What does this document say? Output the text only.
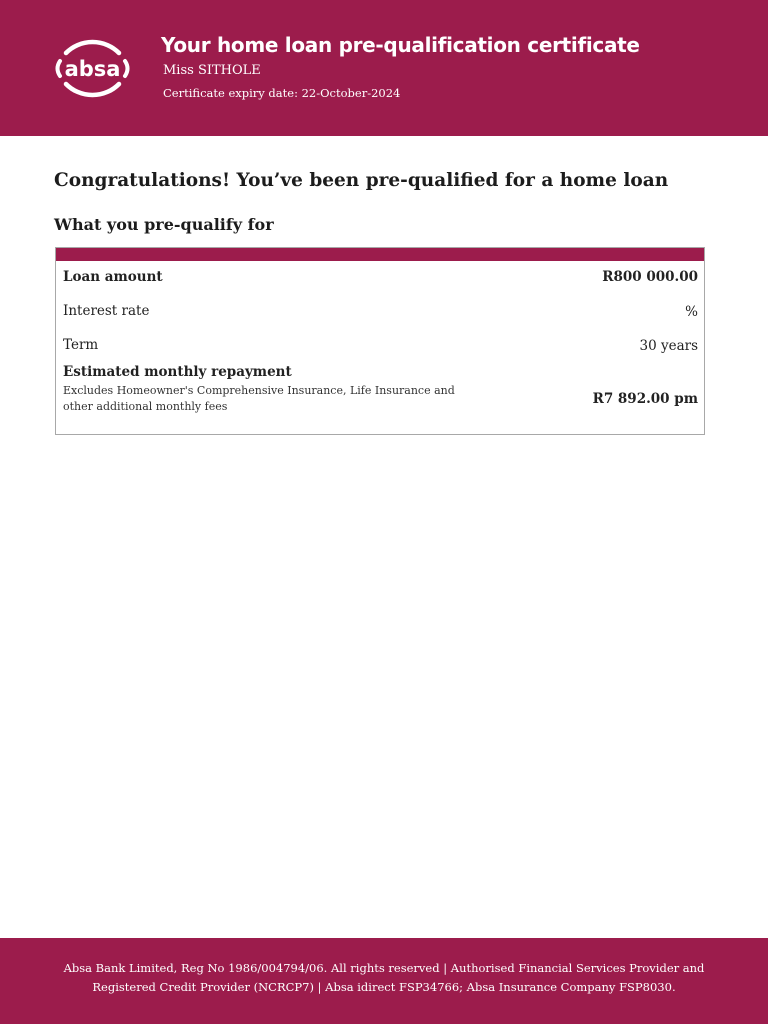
absa
Your home loan pre-qualification certificate
Miss SITHOLE
Certificate expiry date: 22-October-2024
Congratulations! You’ve been pre-qualified for a home loan
What you pre-qualify for
Loan amount	R800 000.00
Interest rate	%
Term	30 years
Estimated monthly repayment
Excludes Homeowner's Comprehensive Insurance, Life Insurance and other additional monthly fees	R7 892.00 pm
Absa Bank Limited, Reg No 1986/004794/06. All rights reserved | Authorised Financial Services Provider and Registered Credit Provider (NCRCP7) | Absa idirect FSP34766; Absa Insurance Company FSP8030.
